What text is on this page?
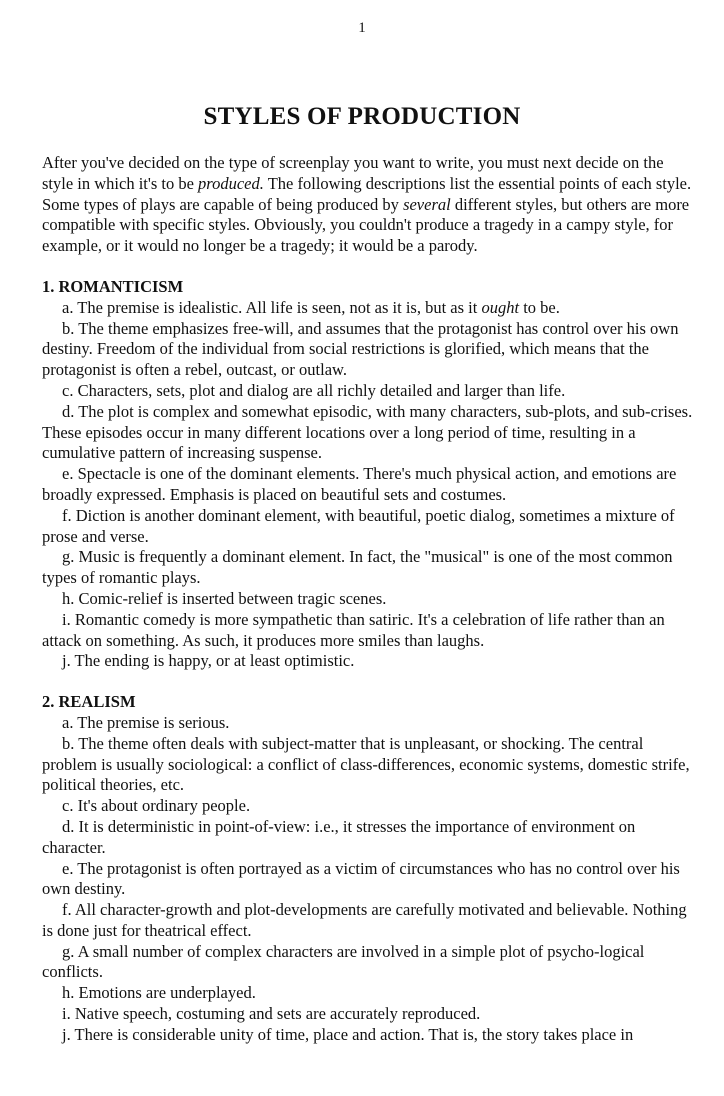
1
STYLES OF PRODUCTION

After you've decided on the type of screenplay you want to write, you must next decide on the style in which it's to be produced. The following descriptions list the essential points of each style. Some types of plays are capable of being produced by several different styles, but others are more compatible with specific styles. Obviously, you couldn't produce a tragedy in a campy style, for example, or it would no longer be a tragedy; it would be a parody.

1. ROMANTICISM

a. The premise is idealistic. All life is seen, not as it is, but as it ought to be.

b. The theme emphasizes free-will, and assumes that the protagonist has control over his own destiny. Freedom of the individual from social restrictions is glorified, which means that the protagonist is often a rebel, outcast, or outlaw.

c. Characters, sets, plot and dialog are all richly detailed and larger than life.

d. The plot is complex and somewhat episodic, with many characters, sub-plots, and sub-crises. These episodes occur in many different locations over a long period of time, resulting in a cumulative pattern of increasing suspense.

e. Spectacle is one of the dominant elements. There's much physical action, and emotions are broadly expressed. Emphasis is placed on beautiful sets and costumes.

f. Diction is another dominant element, with beautiful, poetic dialog, sometimes a mixture of prose and verse.

g. Music is frequently a dominant element. In fact, the "musical" is one of the most common types of romantic plays.

h. Comic-relief is inserted between tragic scenes.

i. Romantic comedy is more sympathetic than satiric. It's a celebration of life rather than an attack on something. As such, it produces more smiles than laughs.

j. The ending is happy, or at least optimistic.

2. REALISM

a. The premise is serious.

b. The theme often deals with subject-matter that is unpleasant, or shocking. The central problem is usually sociological: a conflict of class-differences, economic systems, domestic strife, political theories, etc.

c. It's about ordinary people.

d. It is deterministic in point-of-view: i.e., it stresses the importance of environment on character.

e. The protagonist is often portrayed as a victim of circumstances who has no control over his own destiny.

f. All character-growth and plot-developments are carefully motivated and believable. Nothing is done just for theatrical effect.

g. A small number of complex characters are involved in a simple plot of psycho-logical conflicts.

h. Emotions are underplayed.

i. Native speech, costuming and sets are accurately reproduced.

j. There is considerable unity of time, place and action. That is, the story takes place in
